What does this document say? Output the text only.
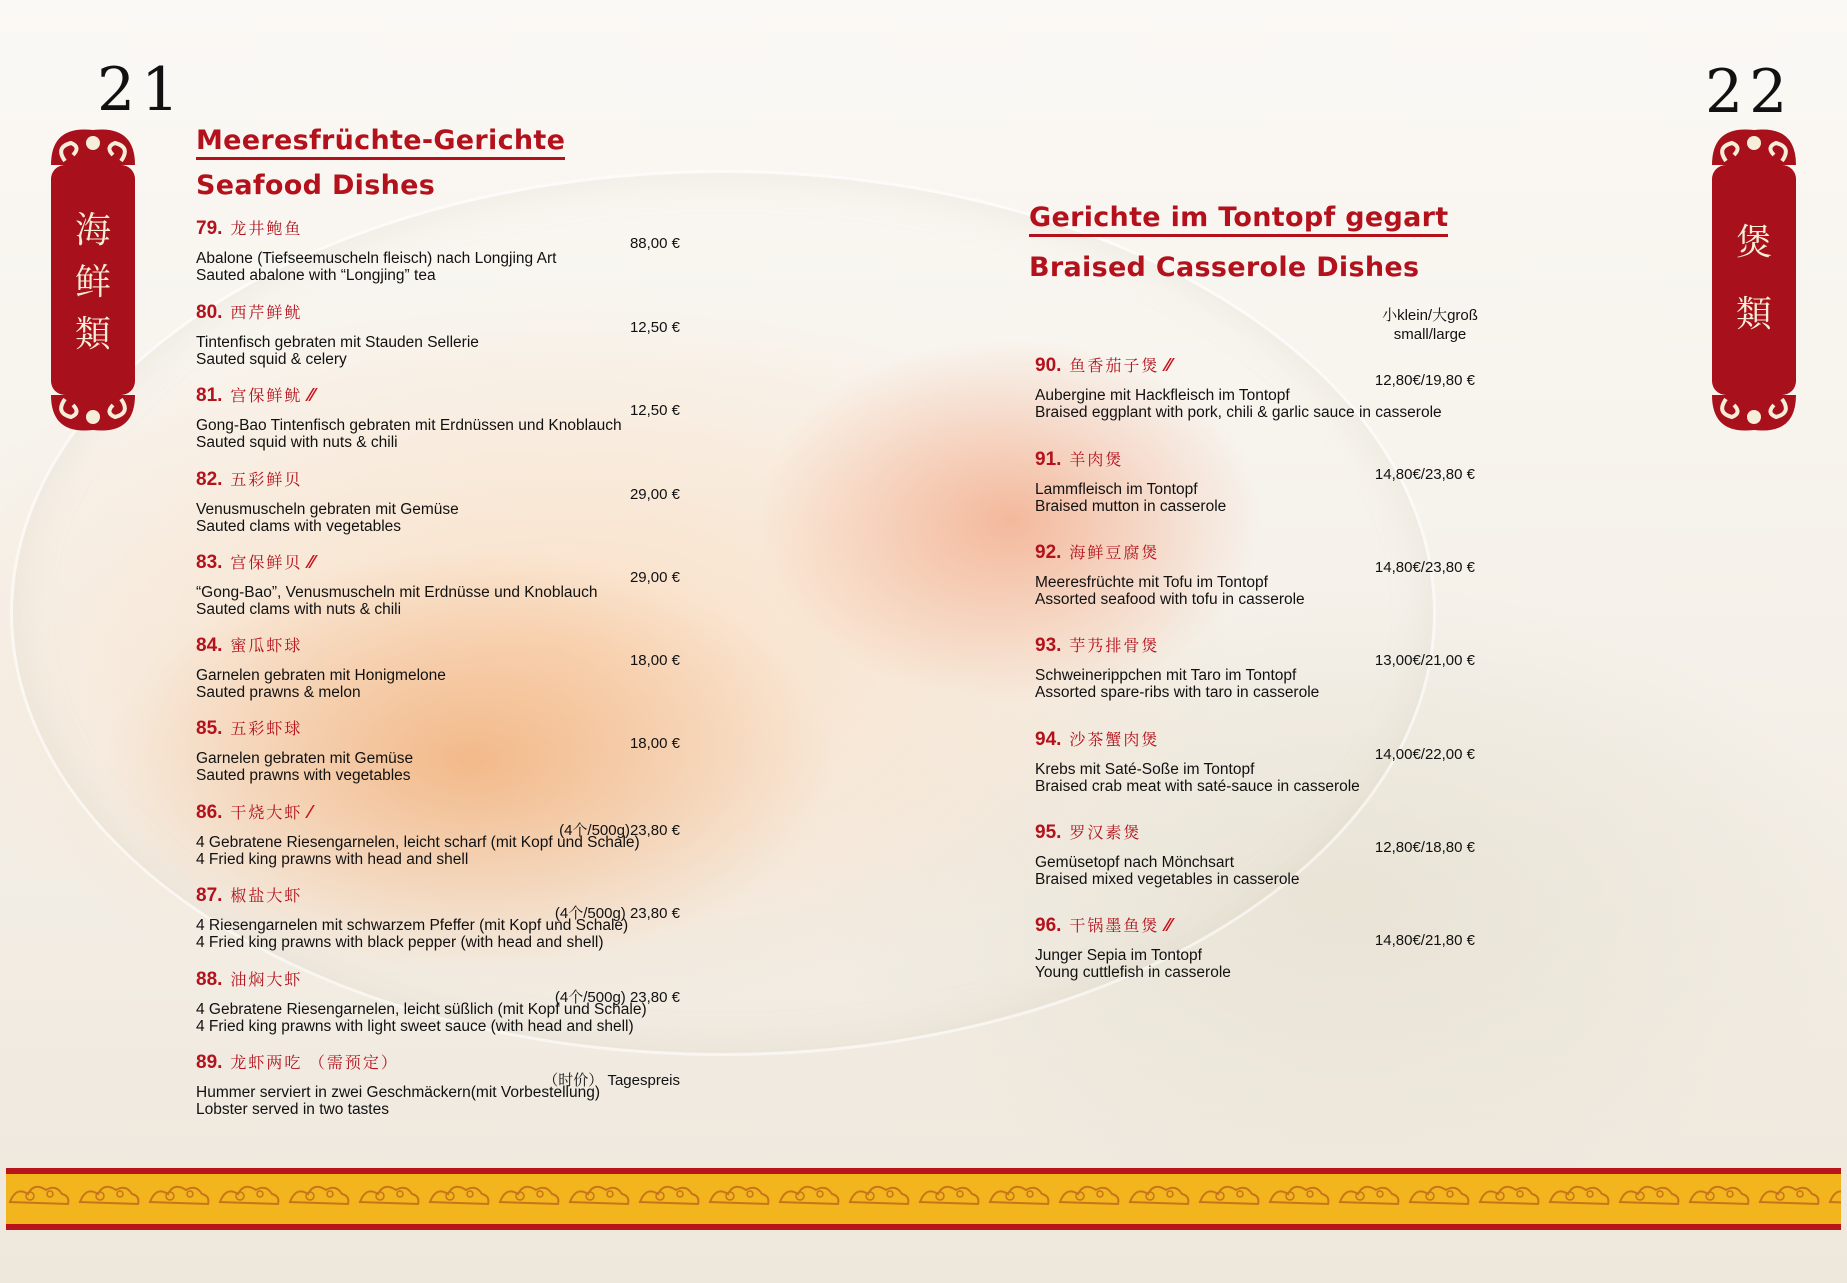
21	22
海
鲜
類
煲
類
Meeresfrüchte-Gerichte
Seafood Dishes
79. 龙井鲍鱼
88,00 €
Abalone (Tiefseemuscheln fleisch) nach Longjing Art
Sauted abalone with “Longjing” tea
80. 西芹鲜鱿
12,50 €
Tintenfisch gebraten mit Stauden Sellerie
Sauted squid & celery
81. 宫保鲜鱿 ⁄⁄
12,50 €
Gong-Bao Tintenfisch gebraten mit Erdnüssen und Knoblauch
Sauted squid with nuts & chili
82. 五彩鲜贝
29,00 €
Venusmuscheln gebraten mit Gemüse
Sauted clams with vegetables
83. 宫保鲜贝 ⁄⁄
29,00 €
“Gong-Bao”, Venusmuscheln mit Erdnüsse und Knoblauch
Sauted clams with nuts & chili
84. 蜜瓜虾球
18,00 €
Garnelen gebraten mit Honigmelone
Sauted prawns & melon
85. 五彩虾球
18,00 €
Garnelen gebraten mit Gemüse
Sauted prawns with vegetables
86. 干烧大虾 ⁄
(4个/500g)23,80 €
4 Gebratene Riesengarnelen, leicht scharf (mit Kopf und Schale)
4 Fried king prawns with head and shell
87. 椒盐大虾
(4个/500g) 23,80 €
4 Riesengarnelen mit schwarzem Pfeffer (mit Kopf und Schale)
4 Fried king prawns with black pepper (with head and shell)
88. 油焖大虾
(4个/500g) 23,80 €
4 Gebratene Riesengarnelen, leicht süßlich (mit Kopf und Schale)
4 Fried king prawns with light sweet sauce (with head and shell)
89. 龙虾两吃 （需预定）
（时价） Tagespreis
Hummer serviert in zwei Geschmäckern(mit Vorbestellung)
Lobster served in two tastes
Gerichte im Tontopf gegart
Braised Casserole Dishes
小klein/大groß
small/large
90. 鱼香茄子煲 ⁄⁄
12,80€/19,80 €
Aubergine mit Hackfleisch im Tontopf
Braised eggplant with pork, chili & garlic sauce in casserole
91. 羊肉煲
14,80€/23,80 €
Lammfleisch im Tontopf
Braised mutton in casserole
92. 海鲜豆腐煲
14,80€/23,80 €
Meeresfrüchte mit Tofu im Tontopf
Assorted seafood with tofu in casserole
93. 芋艿排骨煲
13,00€/21,00 €
Schweinerippchen mit Taro im Tontopf
Assorted spare-ribs with taro in casserole
94. 沙茶蟹肉煲
14,00€/22,00 €
Krebs mit Saté-Soße im Tontopf
Braised crab meat with saté-sauce in casserole
95. 罗汉素煲
12,80€/18,80 €
Gemüsetopf nach Mönchsart
Braised mixed vegetables in casserole
96. 干锅墨鱼煲 ⁄⁄
14,80€/21,80 €
Junger Sepia im Tontopf
Young cuttlefish in casserole
